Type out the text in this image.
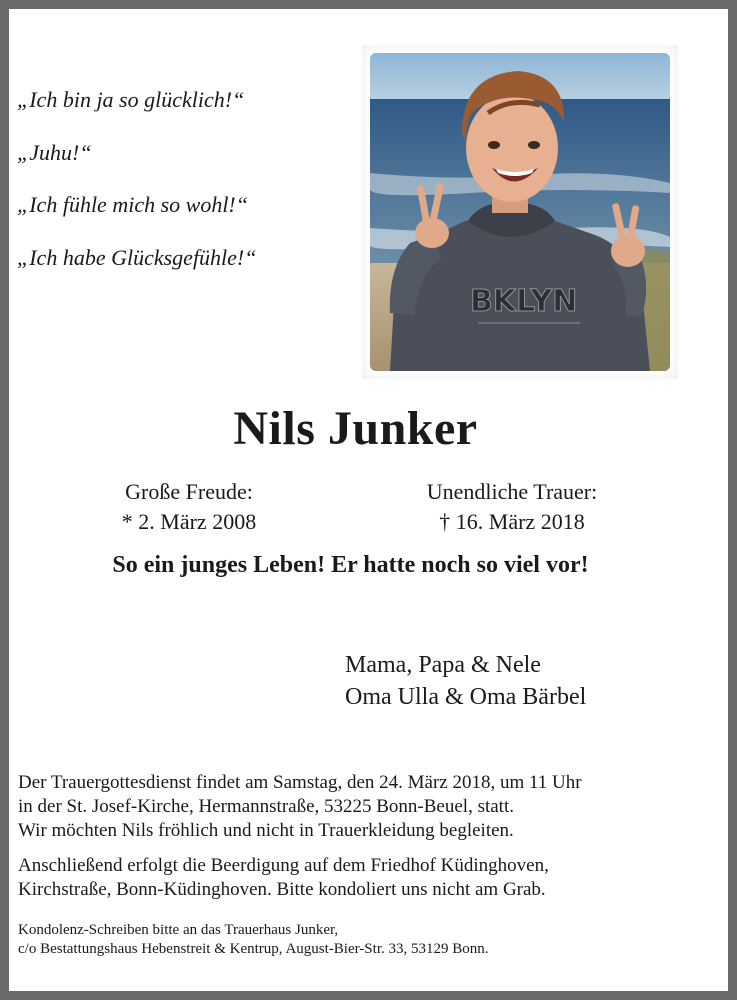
„Ich bin ja so glücklich!“
„Juhu!“
„Ich fühle mich so wohl!“
„Ich habe Glücksgefühle!“
BKLYN
Nils Junker
Große Freude:
* 2. März 2008
Unendliche Trauer:
† 16. März 2018
So ein junges Leben! Er hatte noch so viel vor!
Mama, Papa & Nele
Oma Ulla & Oma Bärbel
Der Trauergottesdienst findet am Samstag, den 24. März 2018, um 11 Uhr
in der St. Josef-Kirche, Hermannstraße, 53225 Bonn-Beuel, statt.
Wir möchten Nils fröhlich und nicht in Trauerkleidung begleiten.
Anschließend erfolgt die Beerdigung auf dem Friedhof Küdinghoven,
Kirchstraße, Bonn-Küdinghoven. Bitte kondoliert uns nicht am Grab.
Kondolenz-Schreiben bitte an das Trauerhaus Junker,
c/o Bestattungshaus Hebenstreit & Kentrup, August-Bier-Str. 33, 53129 Bonn.
